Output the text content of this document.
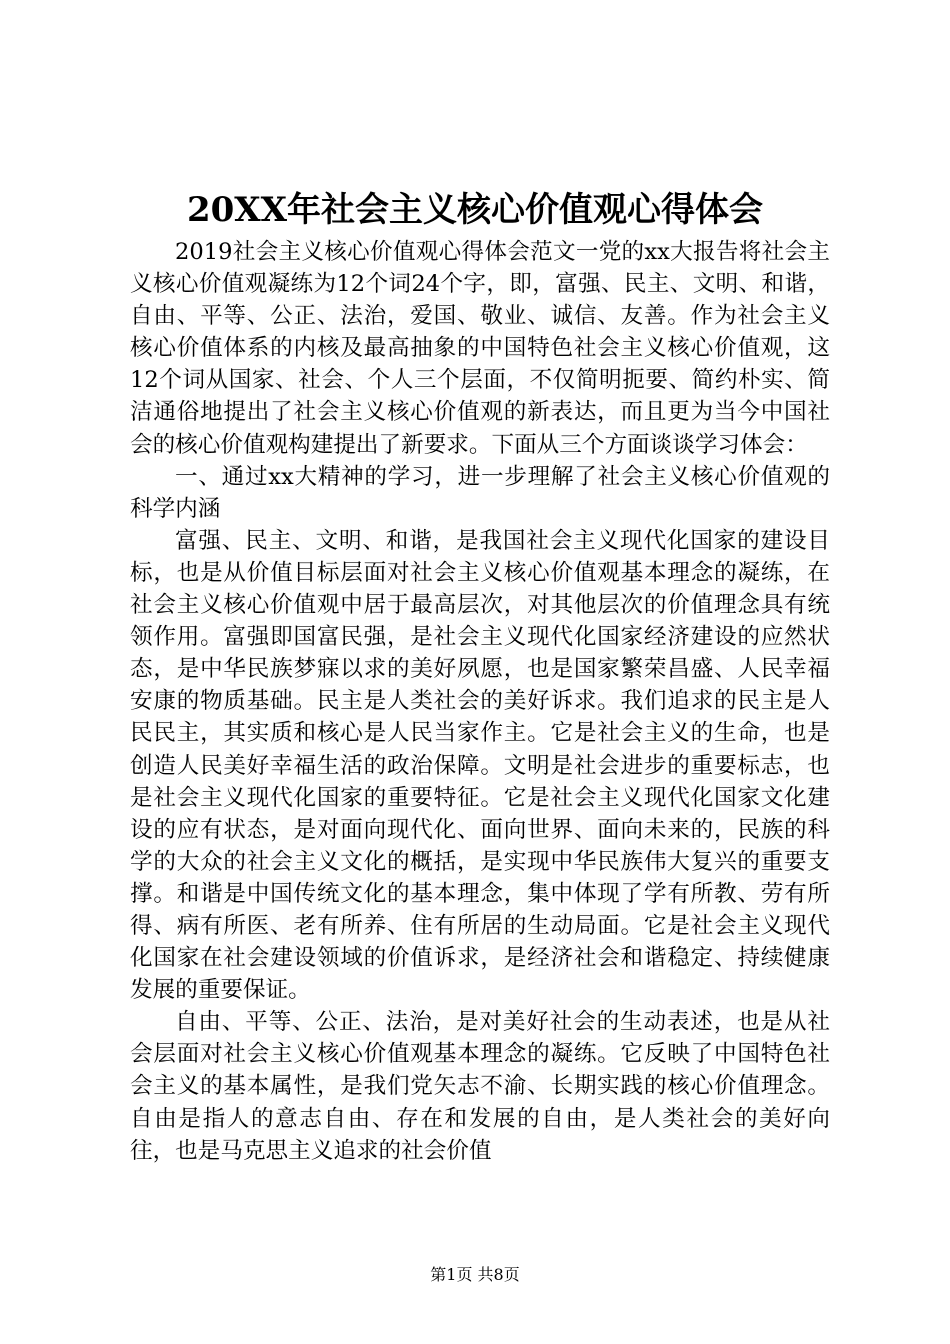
20XX年社会主义核心价值观心得体会

2019社会主义核心价值观心得体会范文一党的xx大报告将社会主义核心价值观凝练为12个词24个字，即，富强、民主、文明、和谐，自由、平等、公正、法治，爱国、敬业、诚信、友善。作为社会主义核心价值体系的内核及最高抽象的中国特色社会主义核心价值观，这12个词从国家、社会、个人三个层面，不仅简明扼要、简约朴实、简洁通俗地提出了社会主义核心价值观的新表达，而且更为当今中国社会的核心价值观构建提出了新要求。下面从三个方面谈谈学习体会：

一、通过xx大精神的学习，进一步理解了社会主义核心价值观的科学内涵

富强、民主、文明、和谐，是我国社会主义现代化国家的建设目标，也是从价值目标层面对社会主义核心价值观基本理念的凝练，在社会主义核心价值观中居于最高层次，对其他层次的价值理念具有统领作用。富强即国富民强，是社会主义现代化国家经济建设的应然状态，是中华民族梦寐以求的美好夙愿，也是国家繁荣昌盛、人民幸福安康的物质基础。民主是人类社会的美好诉求。我们追求的民主是人民民主，其实质和核心是人民当家作主。它是社会主义的生命，也是创造人民美好幸福生活的政治保障。文明是社会进步的重要标志，也是社会主义现代化国家的重要特征。它是社会主义现代化国家文化建设的应有状态，是对面向现代化、面向世界、面向未来的，民族的科学的大众的社会主义文化的概括，是实现中华民族伟大复兴的重要支撑。和谐是中国传统文化的基本理念，集中体现了学有所教、劳有所得、病有所医、老有所养、住有所居的生动局面。它是社会主义现代化国家在社会建设领域的价值诉求，是经济社会和谐稳定、持续健康发展的重要保证。

自由、平等、公正、法治，是对美好社会的生动表述，也是从社会层面对社会主义核心价值观基本理念的凝练。它反映了中国特色社会主义的基本属性，是我们党矢志不渝、长期实践的核心价值理念。自由是指人的意志自由、存在和发展的自由，是人类社会的美好向往，也是马克思主义追求的社会价值

第1页 共8页
